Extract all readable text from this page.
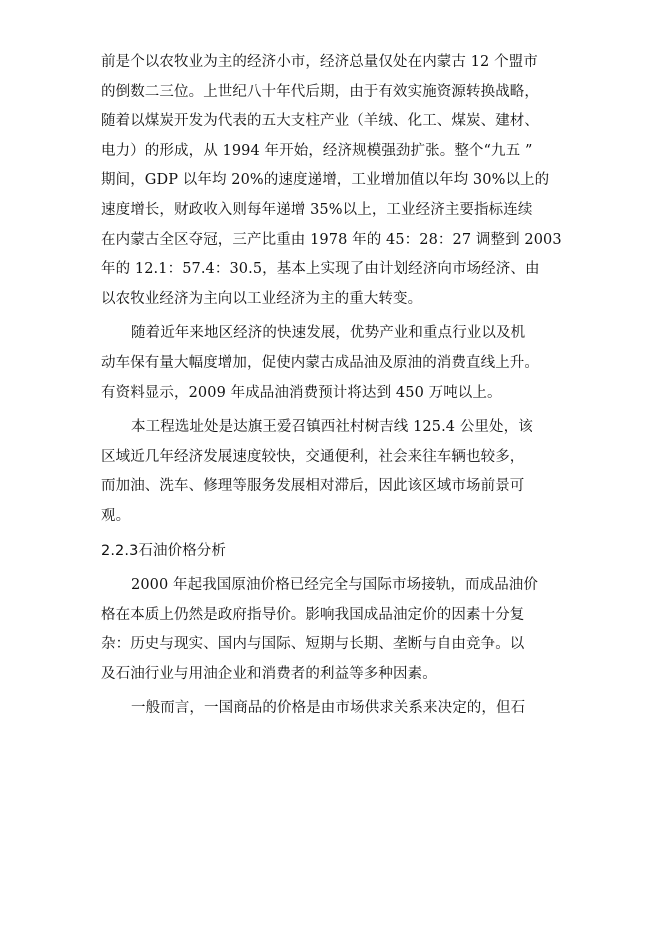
前是个以农牧业为主的经济小市，经济总量仅处在内蒙古 12 个盟市
的倒数二三位。上世纪八十年代后期，由于有效实施资源转换战略，
随着以煤炭开发为代表的五大支柱产业（羊绒、化工、煤炭、建材、
电力）的形成，从 1994 年开始，经济规模强劲扩张。整个“九五 ”
期间，GDP 以年均 20%的速度递增，工业增加值以年均 30%以上的
速度增长，财政收入则每年递增 35%以上，工业经济主要指标连续
在内蒙古全区夺冠，三产比重由 1978 年的 45：28：27 调整到 2003
年的 12.1：57.4：30.5，基本上实现了由计划经济向市场经济、由
以农牧业经济为主向以工业经济为主的重大转变。
随着近年来地区经济的快速发展，优势产业和重点行业以及机
动车保有量大幅度增加，促使内蒙古成品油及原油的消费直线上升。
有资料显示，2009 年成品油消费预计将达到 450 万吨以上。
本工程选址处是达旗王爱召镇西社村树吉线 125.4 公里处，该
区域近几年经济发展速度较快，交通便利，社会来往车辆也较多，
而加油、洗车、修理等服务发展相对滞后，因此该区域市场前景可
观。
2.2.3石油价格分析
2000 年起我国原油价格已经完全与国际市场接轨，而成品油价
格在本质上仍然是政府指导价。影响我国成品油定价的因素十分复
杂：历史与现实、国内与国际、短期与长期、垄断与自由竞争。以
及石油行业与用油企业和消费者的利益等多种因素。
一般而言，一国商品的价格是由市场供求关系来决定的，但石
